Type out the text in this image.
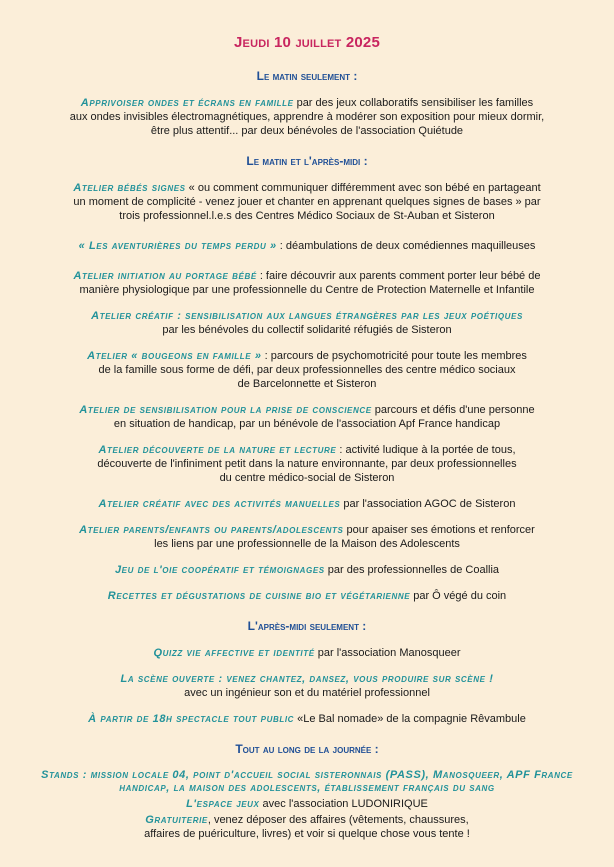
Jeudi 10 juillet 2025
Le matin seulement :
Apprivoiser ondes et écrans en famille par des jeux collaboratifs sensibiliser les familles
aux ondes invisibles électromagnétiques, apprendre à modérer son exposition pour mieux dormir,
être plus attentif... par deux bénévoles de l'association Quiétude
Le matin et l'après-midi :
Atelier bébés signes « ou comment communiquer différemment avec son bébé en partageant
un moment de complicité - venez jouer et chanter en apprenant quelques signes de bases » par
trois professionnel.l.e.s des Centres Médico Sociaux de St-Auban et Sisteron
« Les aventurières du temps perdu » : déambulations de deux comédiennes maquilleuses
Atelier initiation au portage bébé : faire découvrir aux parents comment porter leur bébé de
manière physiologique par une professionnelle du Centre de Protection Maternelle et Infantile
Atelier créatif : sensibilisation aux langues étrangères par les jeux poétiques
par les bénévoles du collectif solidarité réfugiés de Sisteron
Atelier « bougeons en famille » : parcours de psychomotricité pour toute les membres
de la famille sous forme de défi, par deux professionnelles des centre médico sociaux
de Barcelonnette et Sisteron
Atelier de sensibilisation pour la prise de conscience parcours et défis d'une personne
en situation de handicap, par un bénévole de l'association Apf France handicap
Atelier découverte de la nature et lecture : activité ludique à la portée de tous,
découverte de l'infiniment petit dans la nature environnante, par deux professionnelles
du centre médico-social de Sisteron
Atelier créatif avec des activités manuelles par l'association AGOC de Sisteron
Atelier parents/enfants ou parents/adolescents pour apaiser ses émotions et renforcer
les liens par une professionnelle de la Maison des Adolescents
Jeu de l'oie coopératif et témoignages par des professionnelles de Coallia
Recettes et dégustations de cuisine bio et végétarienne par Ô végé du coin
L'après-midi seulement :
Quizz vie affective et identité par l'association Manosqueer
La scène ouverte : venez chantez, dansez, vous produire sur scène !
avec un ingénieur son et du matériel professionnel
À partir de 18h spectacle tout public «Le Bal nomade» de la compagnie Rêvambule
Tout au long de la journée :
Stands : mission locale 04, point d'accueil social sisteronnais (PASS), Manosqueer, APF France handicap, la maison des adolescents, établissement français du sang
L'espace jeux avec l'association LUDONIRIQUE
Gratuiterie, venez déposer des affaires (vêtements, chaussures,
affaires de puériculture, livres) et voir si quelque chose vous tente !
